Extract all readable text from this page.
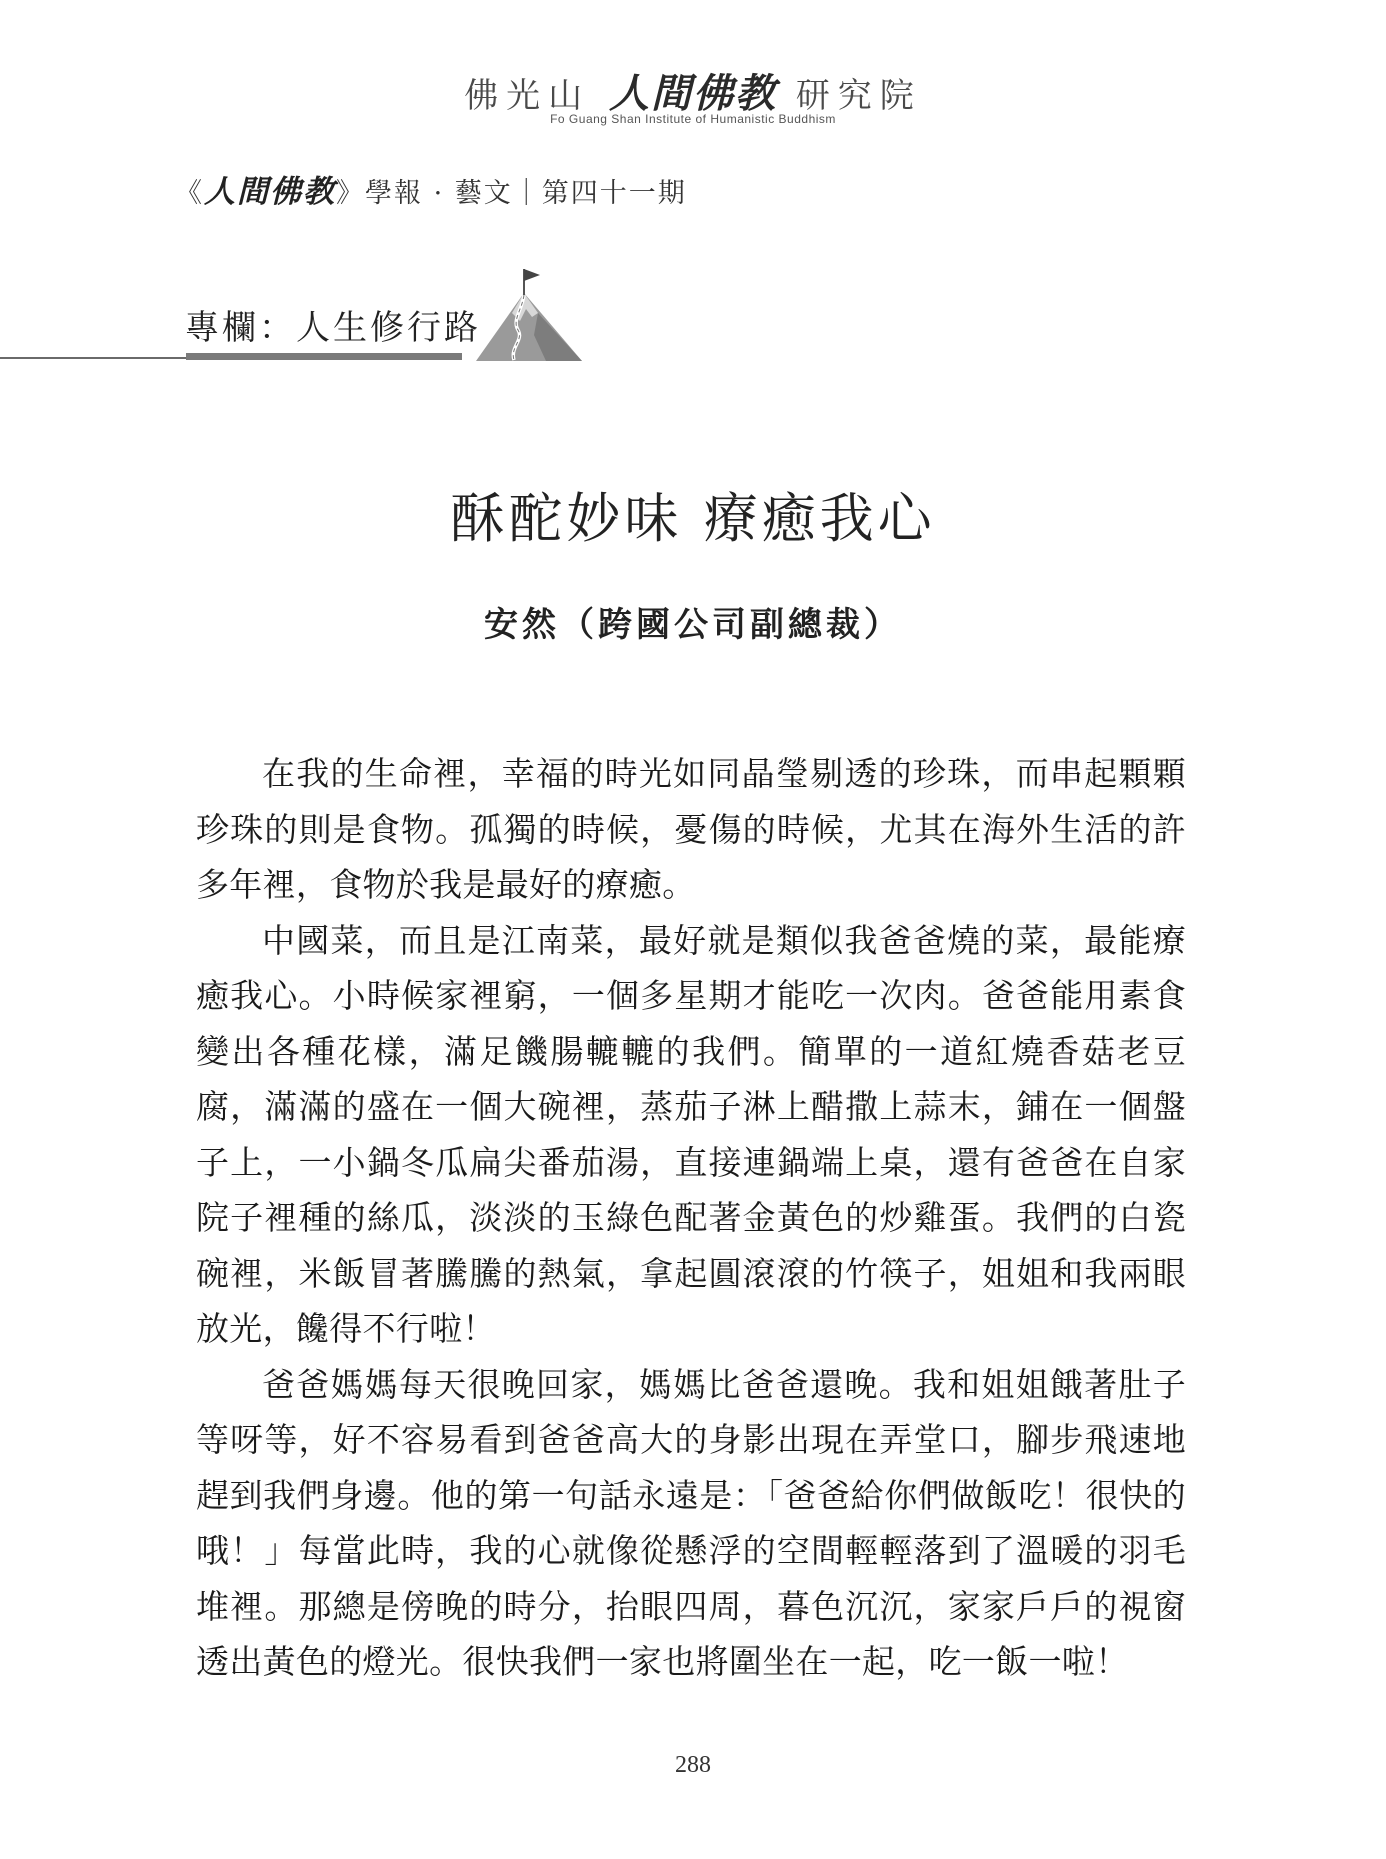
佛光山 人間佛教 研究院
Fo Guang Shan Institute of Humanistic Buddhism
《人間佛教》學報 · 藝文｜第四十一期
專欄：人生修行路
酥酡妙味 療癒我心
安然（跨國公司副總裁）

在我的生命裡，幸福的時光如同晶瑩剔透的珍珠，而串起顆顆珍珠的則是食物。孤獨的時候，憂傷的時候，尤其在海外生活的許多年裡，食物於我是最好的療癒。

中國菜，而且是江南菜，最好就是類似我爸爸燒的菜，最能療癒我心。小時候家裡窮，一個多星期才能吃一次肉。爸爸能用素食變出各種花樣，滿足饑腸轆轆的我們。簡單的一道紅燒香菇老豆腐，滿滿的盛在一個大碗裡，蒸茄子淋上醋撒上蒜末，鋪在一個盤子上，一小鍋冬瓜扁尖番茄湯，直接連鍋端上桌，還有爸爸在自家院子裡種的絲瓜，淡淡的玉綠色配著金黃色的炒雞蛋。我們的白瓷碗裡，米飯冒著騰騰的熱氣，拿起圓滾滾的竹筷子，姐姐和我兩眼放光，饞得不行啦！

爸爸媽媽每天很晚回家，媽媽比爸爸還晚。我和姐姐餓著肚子等呀等，好不容易看到爸爸高大的身影出現在弄堂口，腳步飛速地趕到我們身邊。他的第一句話永遠是：「爸爸給你們做飯吃！很快的哦！」每當此時，我的心就像從懸浮的空間輕輕落到了溫暖的羽毛堆裡。那總是傍晚的時分，抬眼四周，暮色沉沉，家家戶戶的視窗透出黃色的燈光。很快我們一家也將圍坐在一起，吃一飯一啦！

288
